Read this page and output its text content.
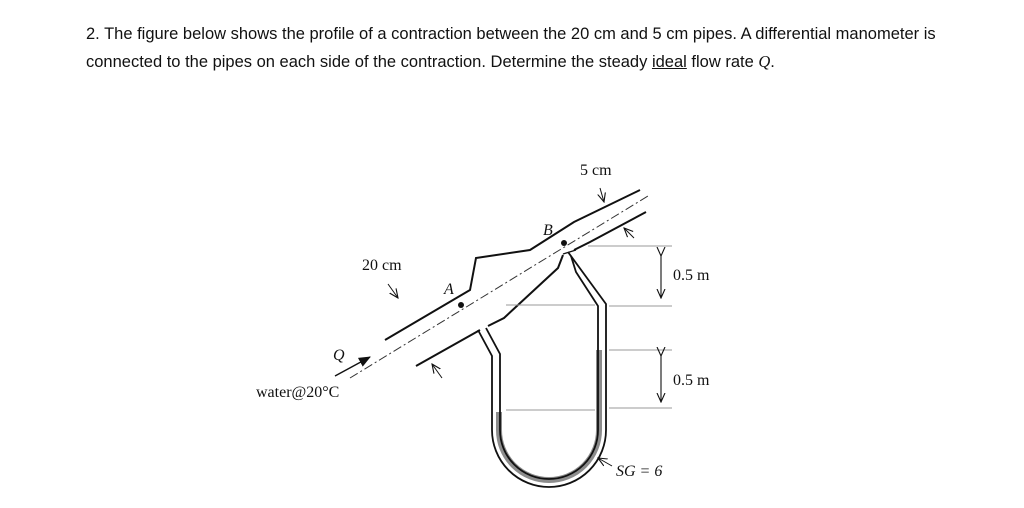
2. The figure below shows the profile of a contraction between the 20 cm and 5 cm pipes. A differential manometer is connected to the pipes on each side of the contraction. Determine the steady ideal flow rate Q.
20 cm
5 cm
A
B
Q
water@20°C
0.5 m
0.5 m
SG = 6
